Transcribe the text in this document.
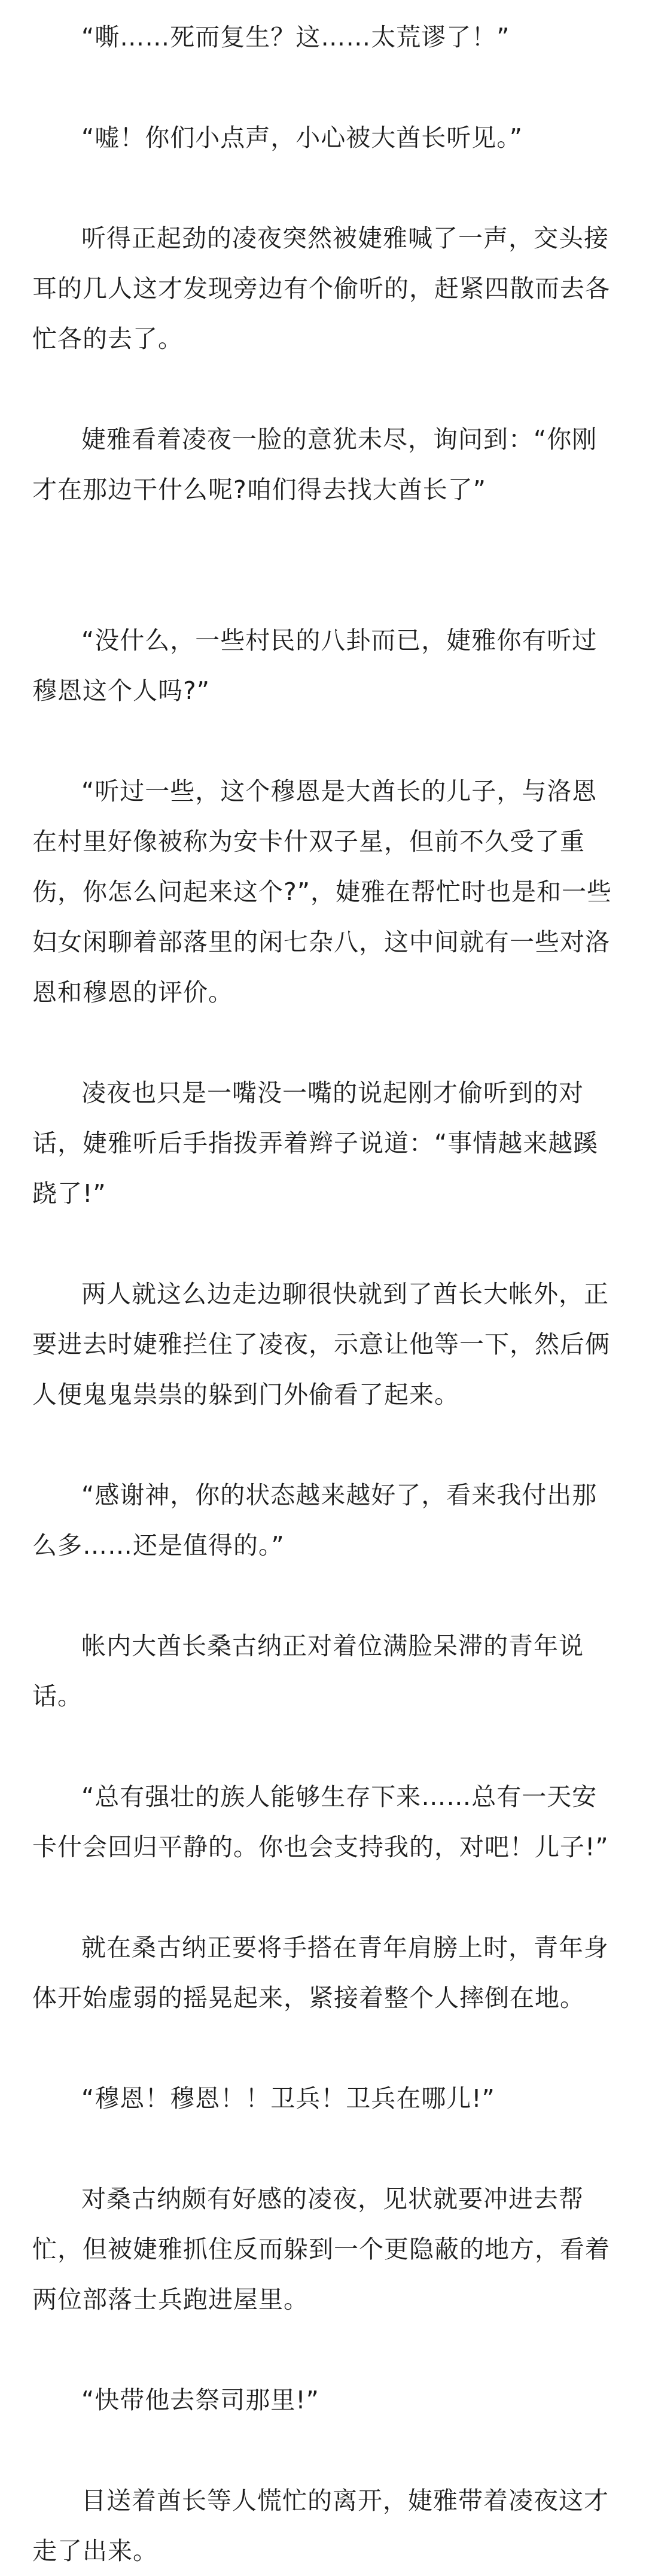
“嘶……死而复生？这……太荒谬了！”

“嘘！你们小点声，小心被大酋长听见。”

听得正起劲的凌夜突然被婕雅喊了一声，交头接耳的几人这才发现旁边有个偷听的，赶紧四散而去各忙各的去了。

婕雅看着凌夜一脸的意犹未尽，询问到：“你刚才在那边干什么呢?咱们得去找大酋长了”

“没什么，一些村民的八卦而已，婕雅你有听过穆恩这个人吗?”

“听过一些，这个穆恩是大酋长的儿子，与洛恩在村里好像被称为安卡什双子星，但前不久受了重伤，你怎么问起来这个?”，婕雅在帮忙时也是和一些妇女闲聊着部落里的闲七杂八，这中间就有一些对洛恩和穆恩的评价。

凌夜也只是一嘴没一嘴的说起刚才偷听到的对话，婕雅听后手指拨弄着辫子说道：“事情越来越蹊跷了!”

两人就这么边走边聊很快就到了酋长大帐外，正要进去时婕雅拦住了凌夜，示意让他等一下，然后俩人便鬼鬼祟祟的躲到门外偷看了起来。

“感谢神，你的状态越来越好了，看来我付出那么多……还是值得的。”

帐内大酋长桑古纳正对着位满脸呆滞的青年说话。

“总有强壮的族人能够生存下来……总有一天安卡什会回归平静的。你也会支持我的，对吧！儿子!”

就在桑古纳正要将手搭在青年肩膀上时，青年身体开始虚弱的摇晃起来，紧接着整个人摔倒在地。

“穆恩！穆恩！！卫兵！卫兵在哪儿!”

对桑古纳颇有好感的凌夜，见状就要冲进去帮忙，但被婕雅抓住反而躲到一个更隐蔽的地方，看着两位部落士兵跑进屋里。

“快带他去祭司那里!”

目送着酋长等人慌忙的离开，婕雅带着凌夜这才走了出来。
